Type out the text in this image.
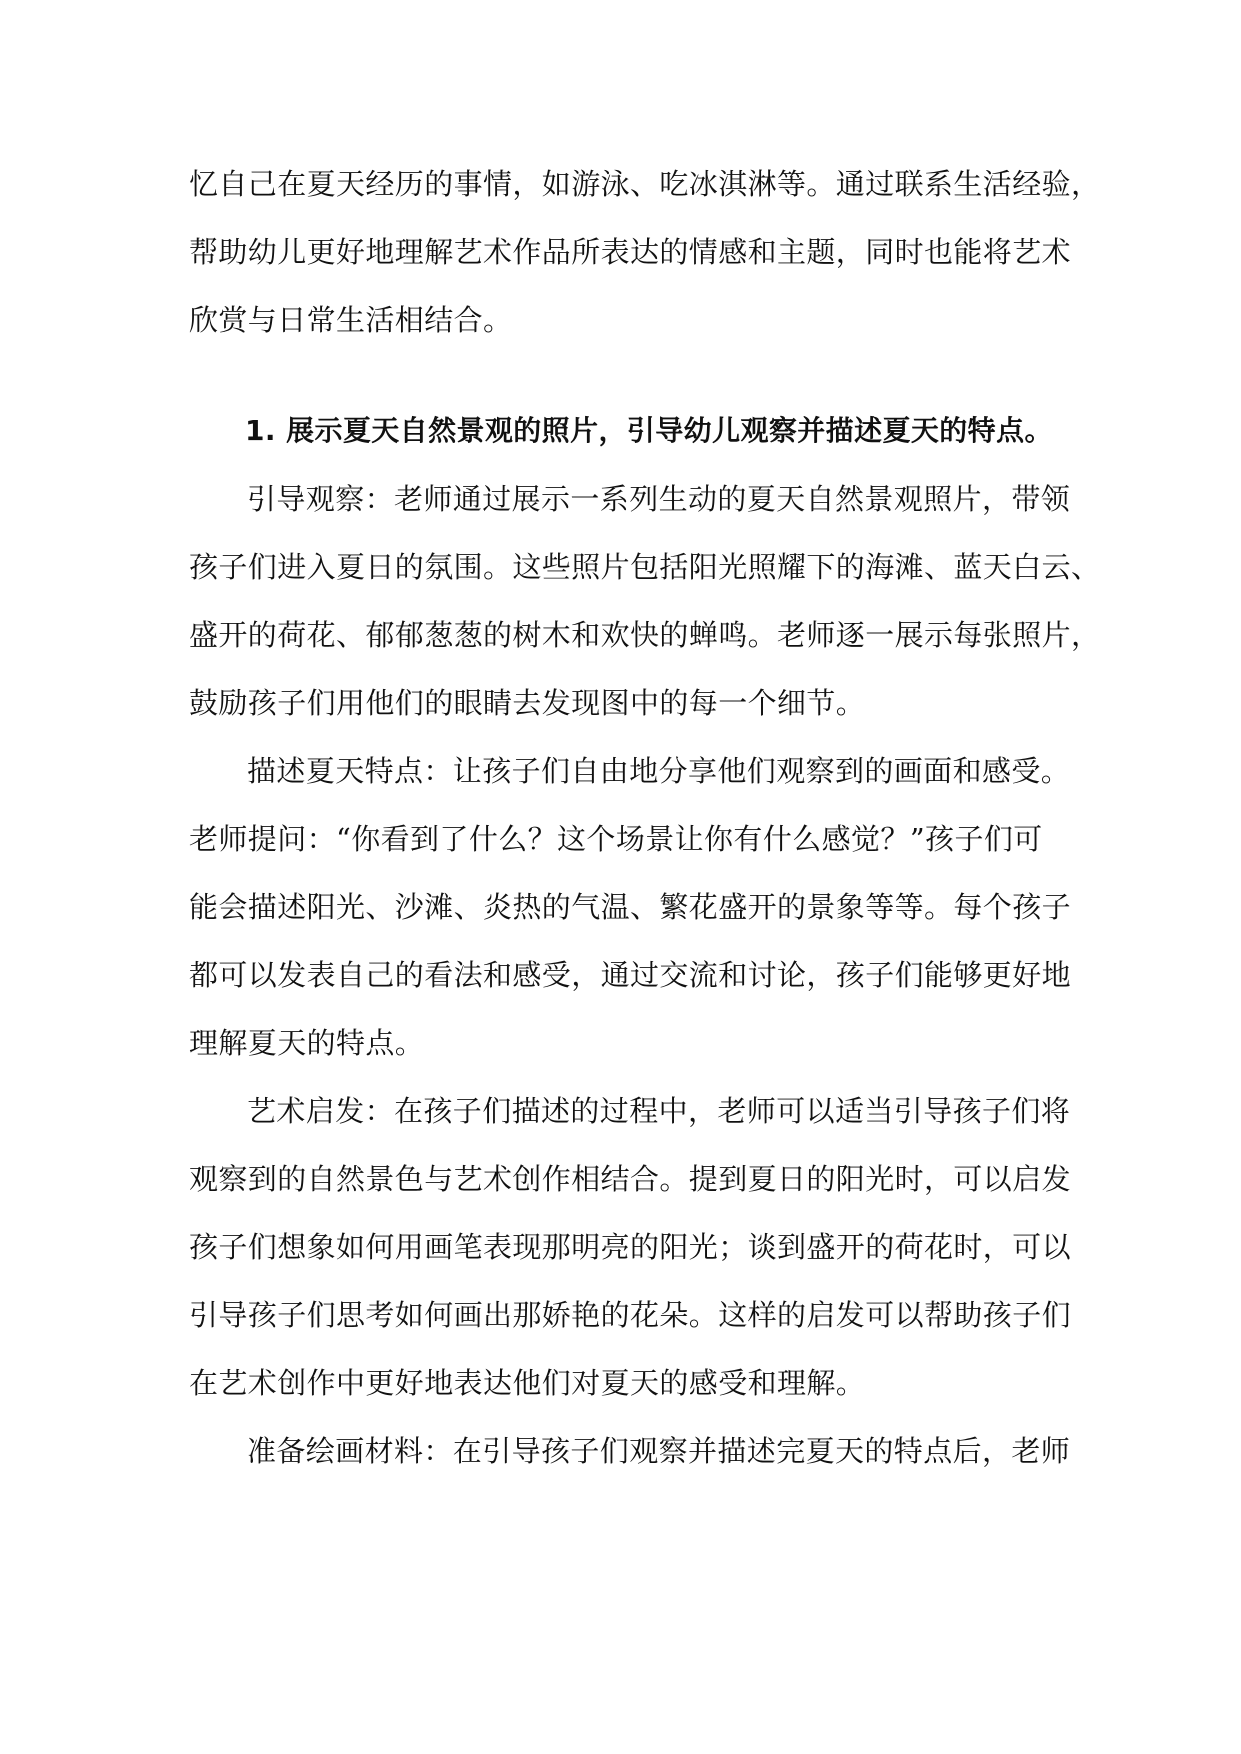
忆自己在夏天经历的事情，如游泳、吃冰淇淋等。通过联系生活经验，
帮助幼儿更好地理解艺术作品所表达的情感和主题，同时也能将艺术
欣赏与日常生活相结合。
1. 展示夏天自然景观的照片，引导幼儿观察并描述夏天的特点。
引导观察：老师通过展示一系列生动的夏天自然景观照片，带领
孩子们进入夏日的氛围。这些照片包括阳光照耀下的海滩、蓝天白云、
盛开的荷花、郁郁葱葱的树木和欢快的蝉鸣。老师逐一展示每张照片，
鼓励孩子们用他们的眼睛去发现图中的每一个细节。
描述夏天特点：让孩子们自由地分享他们观察到的画面和感受。
老师提问：“你看到了什么？这个场景让你有什么感觉？”孩子们可
能会描述阳光、沙滩、炎热的气温、繁花盛开的景象等等。每个孩子
都可以发表自己的看法和感受，通过交流和讨论，孩子们能够更好地
理解夏天的特点。
艺术启发：在孩子们描述的过程中，老师可以适当引导孩子们将
观察到的自然景色与艺术创作相结合。提到夏日的阳光时，可以启发
孩子们想象如何用画笔表现那明亮的阳光；谈到盛开的荷花时，可以
引导孩子们思考如何画出那娇艳的花朵。这样的启发可以帮助孩子们
在艺术创作中更好地表达他们对夏天的感受和理解。
准备绘画材料：在引导孩子们观察并描述完夏天的特点后，老师
